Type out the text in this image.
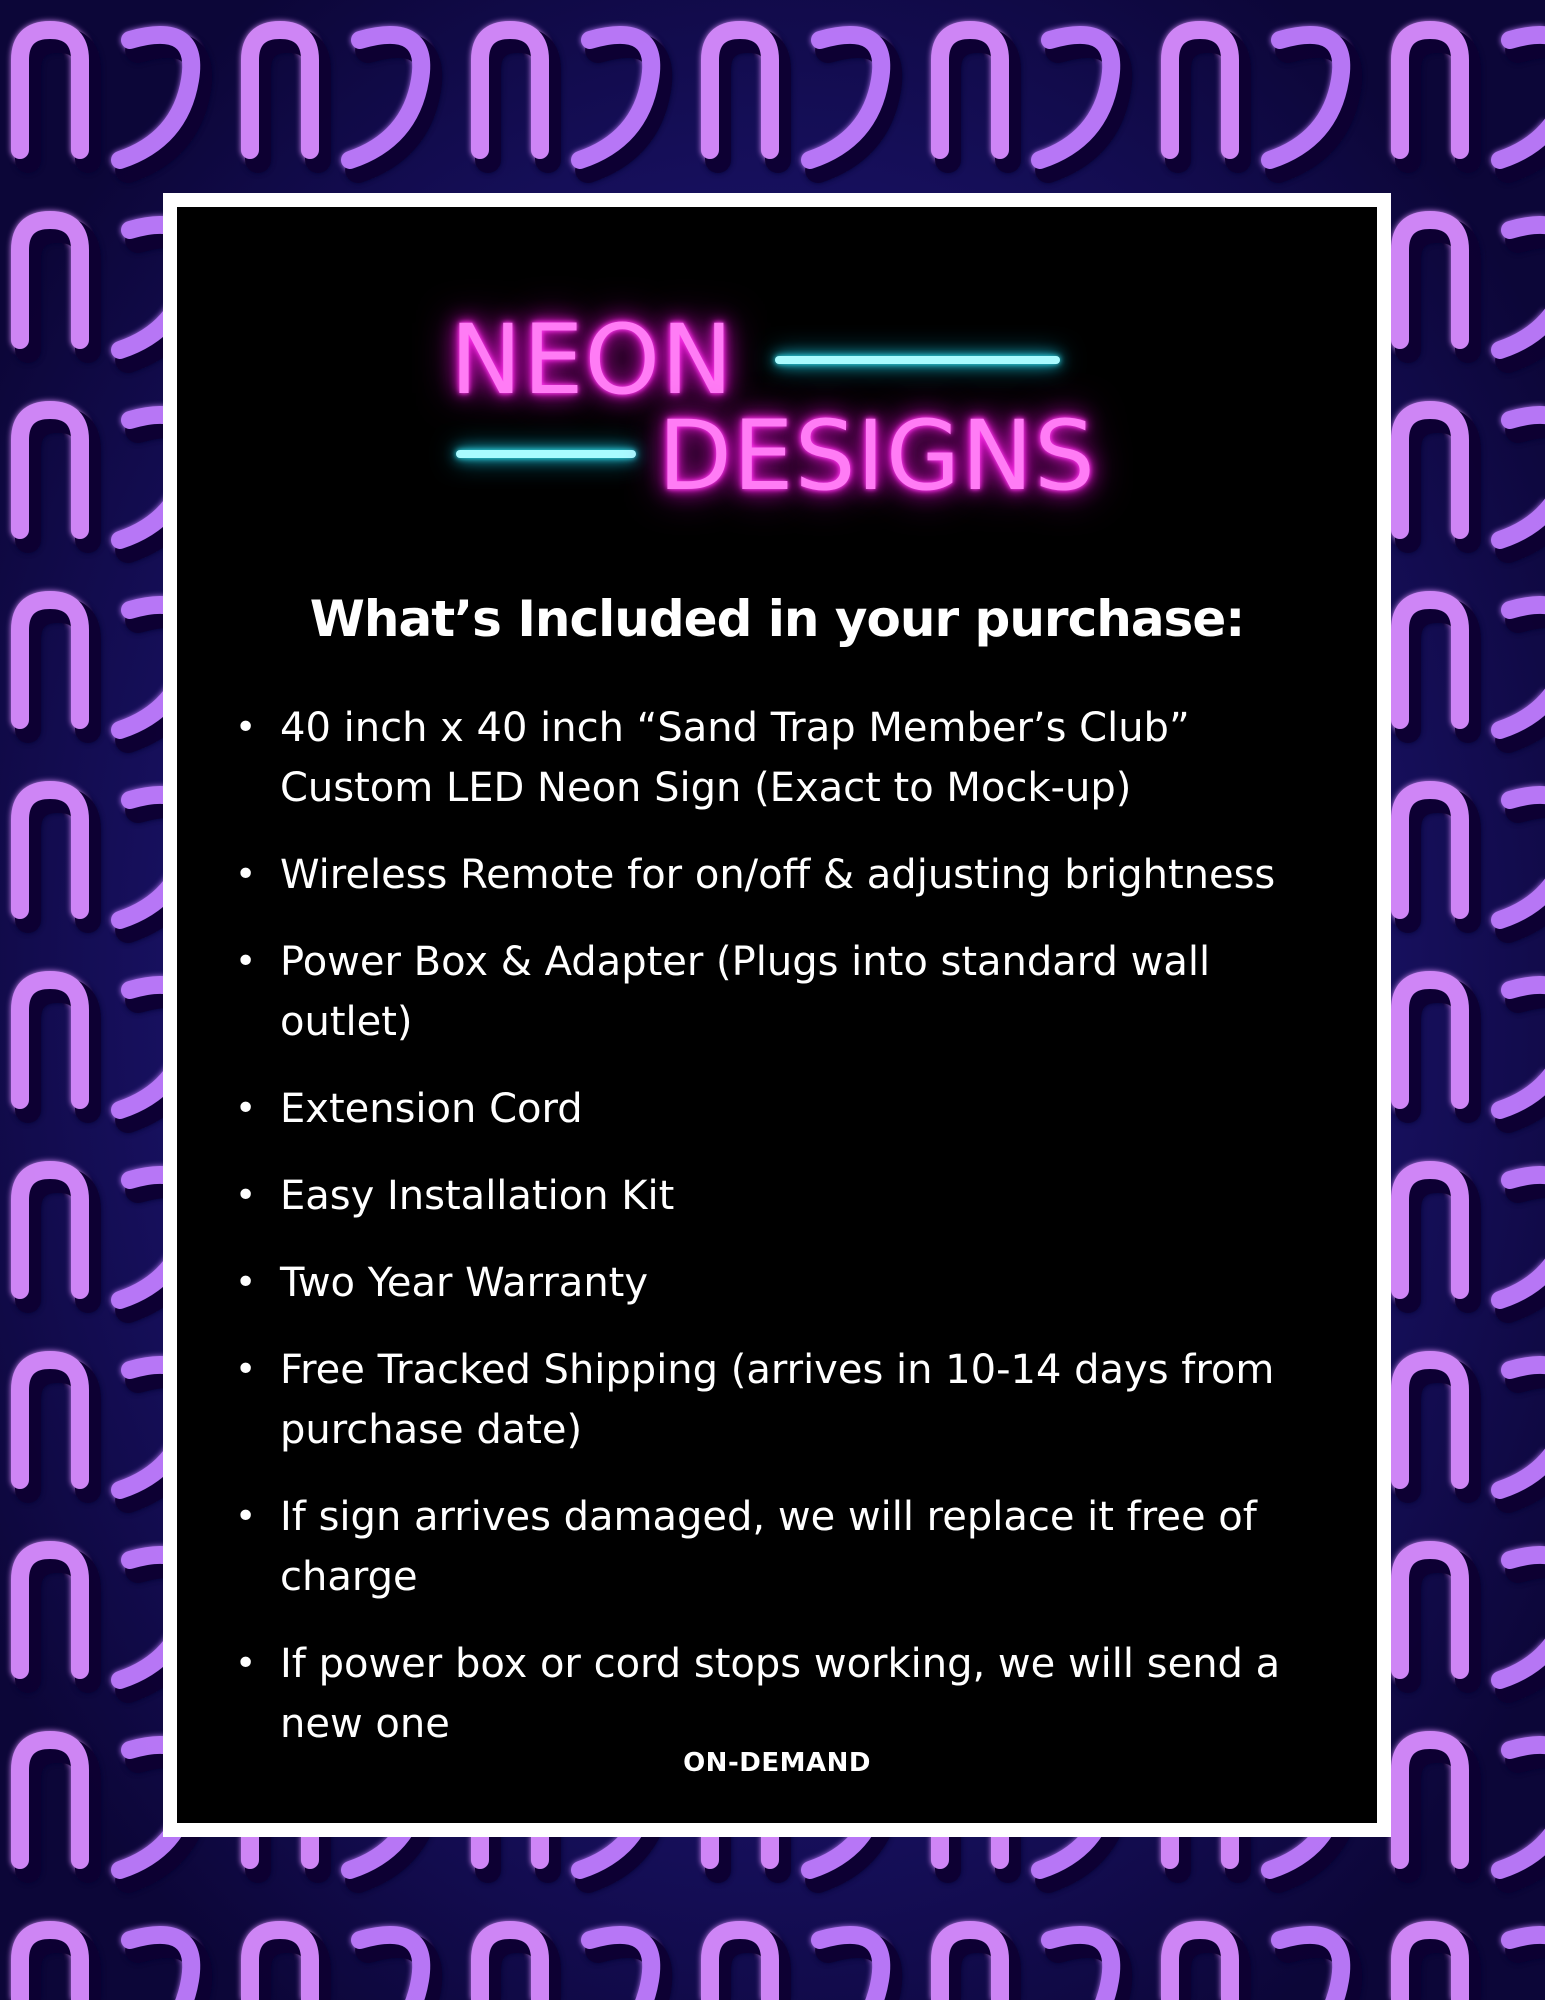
NEON
DESIGNS
What’s Included in your purchase:
• 40 inch x 40 inch “Sand Trap Member’s Club” Custom LED Neon Sign (Exact to Mock-up)
• Wireless Remote for on/off & adjusting brightness
• Power Box & Adapter (Plugs into standard wall outlet)
• Extension Cord
• Easy Installation Kit
• Two Year Warranty
• Free Tracked Shipping (arrives in 10-14 days from purchase date)
• If sign arrives damaged, we will replace it free of charge
• If power box or cord stops working, we will send a new one
ON-DEMAND
